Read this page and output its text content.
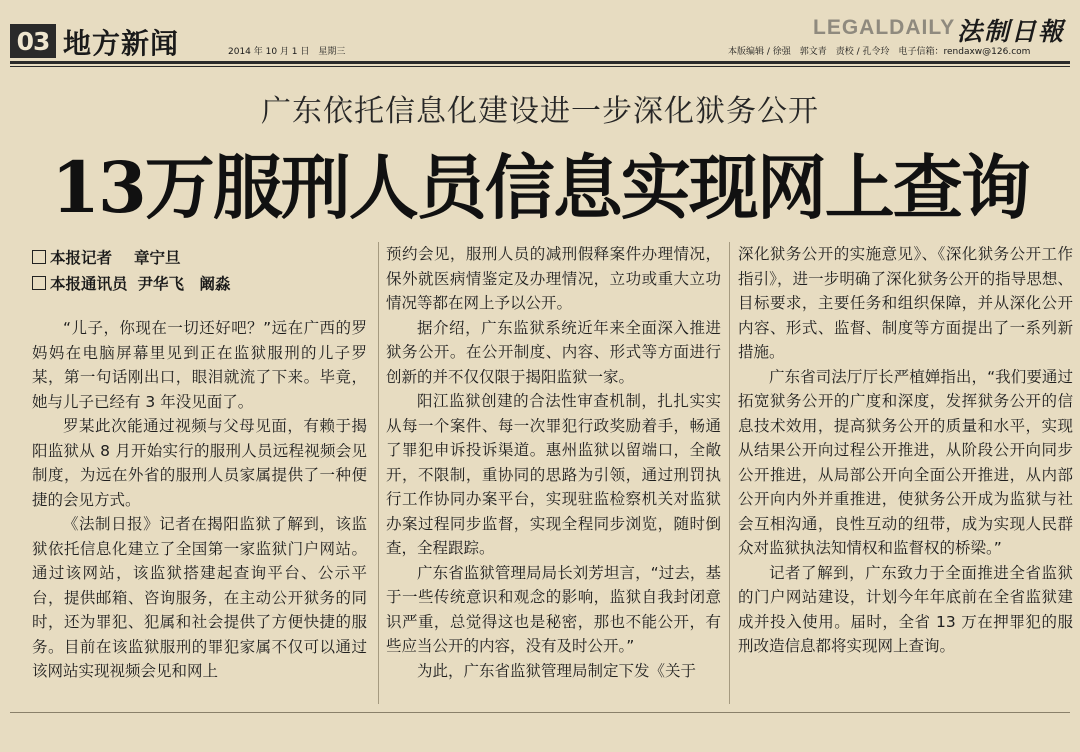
03 地方新闻	2014 年 10 月 1 日　星期三
LEGALDAILY 法制日報
本版编辑 / 徐强　郭文青　责校 / 孔令玲　电子信箱：rendaxw@126.com
广东依托信息化建设进一步深化狱务公开
13万服刑人员信息实现网上查询
本报记者 章宁旦
本报通讯员 尹华飞　阚淼

“儿子，你现在一切还好吧？”远在广西的罗妈妈在电脑屏幕里见到正在监狱服刑的儿子罗某，第一句话刚出口，眼泪就流了下来。毕竟，她与儿子已经有 3 年没见面了。

罗某此次能通过视频与父母见面，有赖于揭阳监狱从 8 月开始实行的服刑人员远程视频会见制度，为远在外省的服刑人员家属提供了一种便捷的会见方式。

《法制日报》记者在揭阳监狱了解到，该监狱依托信息化建立了全国第一家监狱门户网站。通过该网站，该监狱搭建起查询平台、公示平台，提供邮箱、咨询服务，在主动公开狱务的同时，还为罪犯、犯属和社会提供了方便快捷的服务。目前在该监狱服刑的罪犯家属不仅可以通过该网站实现视频会见和网上

预约会见，服刑人员的减刑假释案件办理情况，保外就医病情鉴定及办理情况，立功或重大立功情况等都在网上予以公开。

据介绍，广东监狱系统近年来全面深入推进狱务公开。在公开制度、内容、形式等方面进行创新的并不仅仅限于揭阳监狱一家。

阳江监狱创建的合法性审查机制，扎扎实实从每一个案件、每一次罪犯行政奖励着手，畅通了罪犯申诉投诉渠道。惠州监狱以留端口，全敞开，不限制，重协同的思路为引领，通过刑罚执行工作协同办案平台，实现驻监检察机关对监狱办案过程同步监督，实现全程同步浏览，随时倒查，全程跟踪。

广东省监狱管理局局长刘芳坦言，“过去，基于一些传统意识和观念的影响，监狱自我封闭意识严重，总觉得这也是秘密，那也不能公开，有些应当公开的内容，没有及时公开。”

为此，广东省监狱管理局制定下发《关于

深化狱务公开的实施意见》、《深化狱务公开工作指引》，进一步明确了深化狱务公开的指导思想、目标要求，主要任务和组织保障，并从深化公开内容、形式、监督、制度等方面提出了一系列新措施。

广东省司法厅厅长严植婵指出，“我们要通过拓宽狱务公开的广度和深度，发挥狱务公开的信息技术效用，提高狱务公开的质量和水平，实现从结果公开向过程公开推进，从阶段公开向同步公开推进，从局部公开向全面公开推进，从内部公开向内外并重推进，使狱务公开成为监狱与社会互相沟通，良性互动的纽带，成为实现人民群众对监狱执法知情权和监督权的桥梁。”

记者了解到，广东致力于全面推进全省监狱的门户网站建设，计划今年年底前在全省监狱建成并投入使用。届时，全省 13 万在押罪犯的服刑改造信息都将实现网上查询。
